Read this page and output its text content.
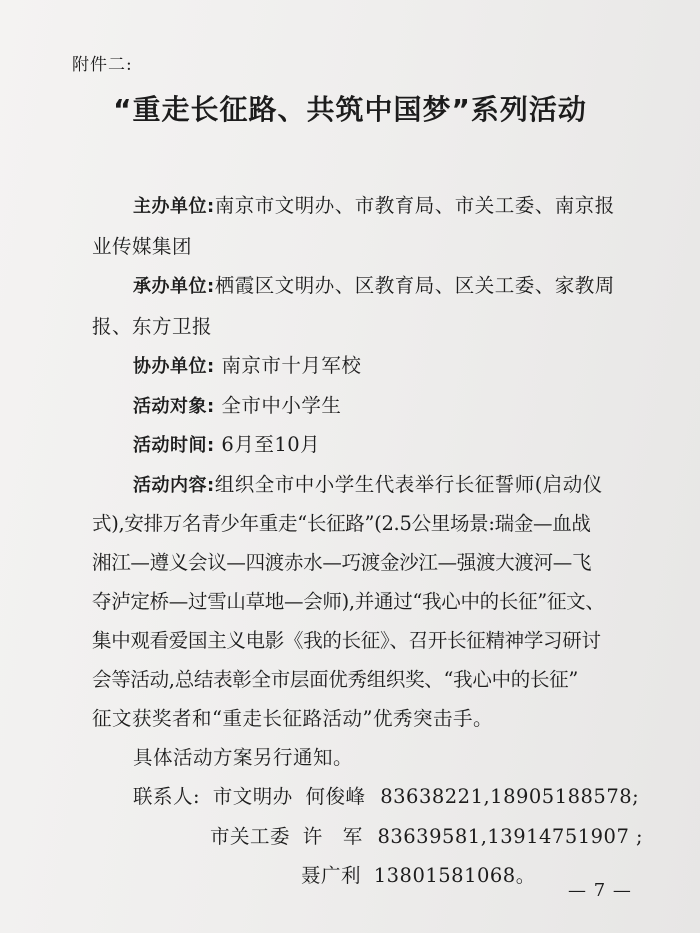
附件二:
“重走长征路、共筑中国梦”系列活动
主办单位:南京市文明办、市教育局、市关工委、南京报
业传媒集团
承办单位:栖霞区文明办、区教育局、区关工委、家教周
报、东方卫报
协办单位: 南京市十月军校
活动对象: 全市中小学生
活动时间: 6月至10月
活动内容:组织全市中小学生代表举行长征誓师(启动仪
式),安排万名青少年重走“长征路”(2.5公里场景:瑞金—血战
湘江—遵义会议—四渡赤水—巧渡金沙江—强渡大渡河—飞
夺泸定桥—过雪山草地—会师),并通过“我心中的长征”征文、
集中观看爱国主义电影《我的长征》、召开长征精神学习研讨
会等活动,总结表彰全市层面优秀组织奖、“我心中的长征”
征文获奖者和“重走长征路活动”优秀突击手。
具体活动方案另行通知。
联系人: 市文明办 何俊峰 83638221,18905188578;
市关工委 许　军 83639581,13914751907 ;
聂广利 13801581068。
— 7 —
